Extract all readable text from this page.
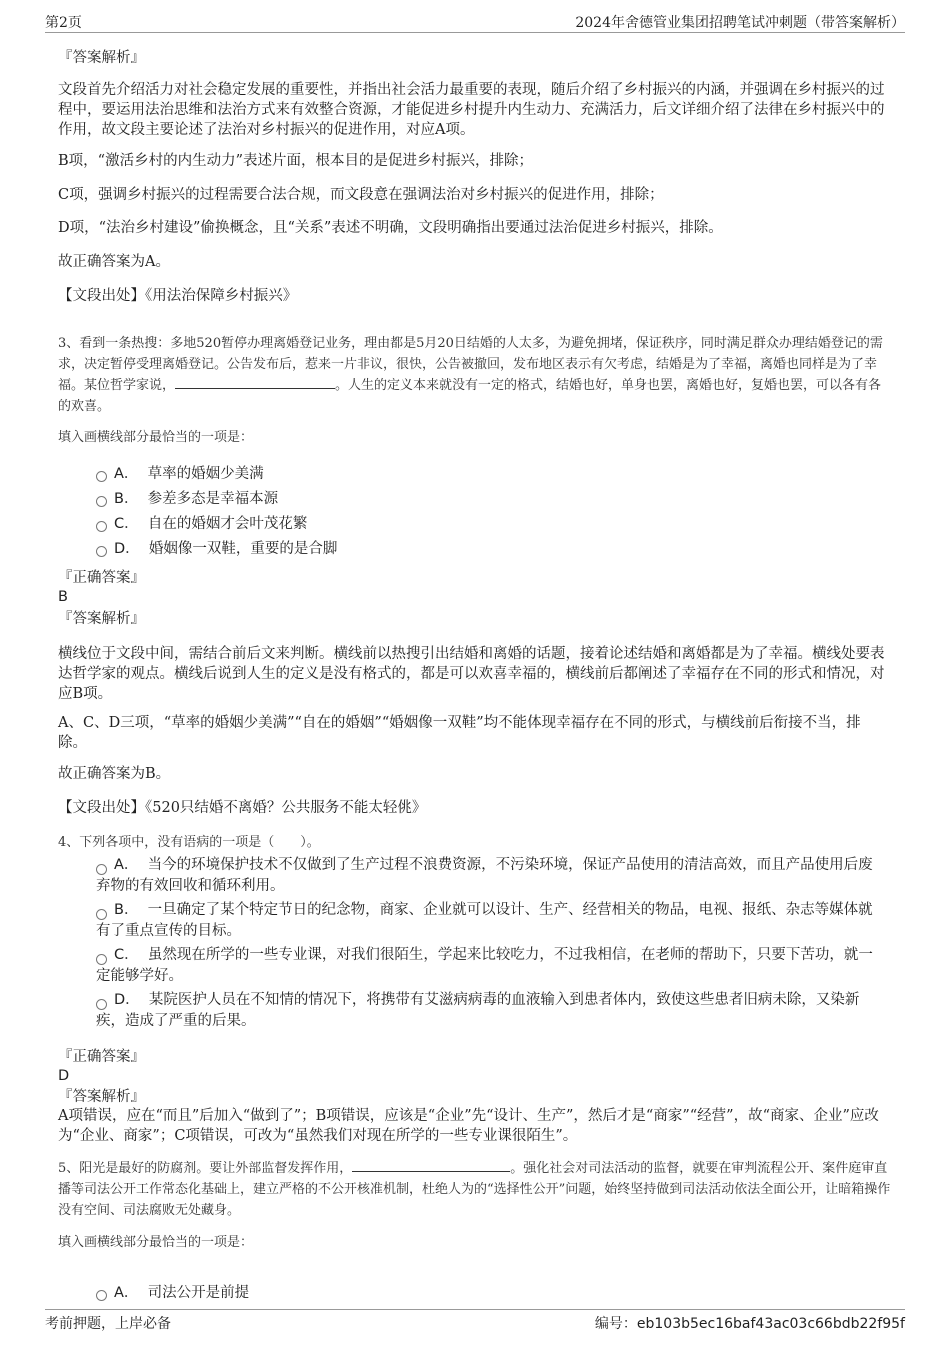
第2页	2024年舍德管业集团招聘笔试冲刺题（带答案解析）
『答案解析』
文段首先介绍活力对社会稳定发展的重要性，并指出社会活力最重要的表现，随后介绍了乡村振兴的内涵，并强调在乡村振兴的过程中，要运用法治思维和法治方式来有效整合资源，才能促进乡村提升内生动力、充满活力，后文详细介绍了法律在乡村振兴中的作用，故文段主要论述了法治对乡村振兴的促进作用，对应A项。
B项，“激活乡村的内生动力”表述片面，根本目的是促进乡村振兴，排除；
C项，强调乡村振兴的过程需要合法合规，而文段意在强调法治对乡村振兴的促进作用，排除；
D项，“法治乡村建设”偷换概念，且“关系”表述不明确，文段明确指出要通过法治促进乡村振兴，排除。
故正确答案为A。
【文段出处】《用法治保障乡村振兴》
3、看到一条热搜：多地520暂停办理离婚登记业务，理由都是5月20日结婚的人太多，为避免拥堵，保证秩序，同时满足群众办理结婚登记的需求，决定暂停受理离婚登记。公告发布后，惹来一片非议，很快，公告被撤回，发布地区表示有欠考虑，结婚是为了幸福，离婚也同样是为了幸福。某位哲学家说，	。人生的定义本来就没有一定的格式，结婚也好，单身也罢，离婚也好，复婚也罢，可以各有各的欢喜。
填入画横线部分最恰当的一项是：
A． 草率的婚姻少美满
B． 参差多态是幸福本源
C． 自在的婚姻才会叶茂花繁
D． 婚姻像一双鞋，重要的是合脚
『正确答案』
B
『答案解析』
横线位于文段中间，需结合前后文来判断。横线前以热搜引出结婚和离婚的话题，接着论述结婚和离婚都是为了幸福。横线处要表达哲学家的观点。横线后说到人生的定义是没有格式的，都是可以欢喜幸福的，横线前后都阐述了幸福存在不同的形式和情况，对应B项。
A、C、D三项，“草率的婚姻少美满”“自在的婚姻”“婚姻像一双鞋”均不能体现幸福存在不同的形式，与横线前后衔接不当，排除。
故正确答案为B。
【文段出处】《520只结婚不离婚？公共服务不能太轻佻》
4、下列各项中，没有语病的一项是（　　）。
A． 当今的环境保护技术不仅做到了生产过程不浪费资源，不污染环境，保证产品使用的清洁高效，而且产品使用后废弃物的有效回收和循环利用。
B． 一旦确定了某个特定节日的纪念物，商家、企业就可以设计、生产、经营相关的物品，电视、报纸、杂志等媒体就有了重点宣传的目标。
C． 虽然现在所学的一些专业课，对我们很陌生，学起来比较吃力，不过我相信，在老师的帮助下，只要下苦功，就一定能够学好。
D． 某院医护人员在不知情的情况下，将携带有艾滋病病毒的血液输入到患者体内，致使这些患者旧病未除，又染新疾，造成了严重的后果。
『正确答案』
D
『答案解析』
A项错误，应在“而且”后加入“做到了”；B项错误，应该是“企业”先“设计、生产”，然后才是“商家”“经营”，故“商家、企业”应改为“企业、商家”；C项错误，可改为“虽然我们对现在所学的一些专业课很陌生”。
5、阳光是最好的防腐剂。要让外部监督发挥作用，	。强化社会对司法活动的监督，就要在审判流程公开、案件庭审直播等司法公开工作常态化基础上，建立严格的不公开核准机制，杜绝人为的“选择性公开”问题，始终坚持做到司法活动依法全面公开，让暗箱操作没有空间、司法腐败无处藏身。
填入画横线部分最恰当的一项是：
A． 司法公开是前提
考前押题，上岸必备	编号：eb103b5ec16baf43ac03c66bdb22f95f
